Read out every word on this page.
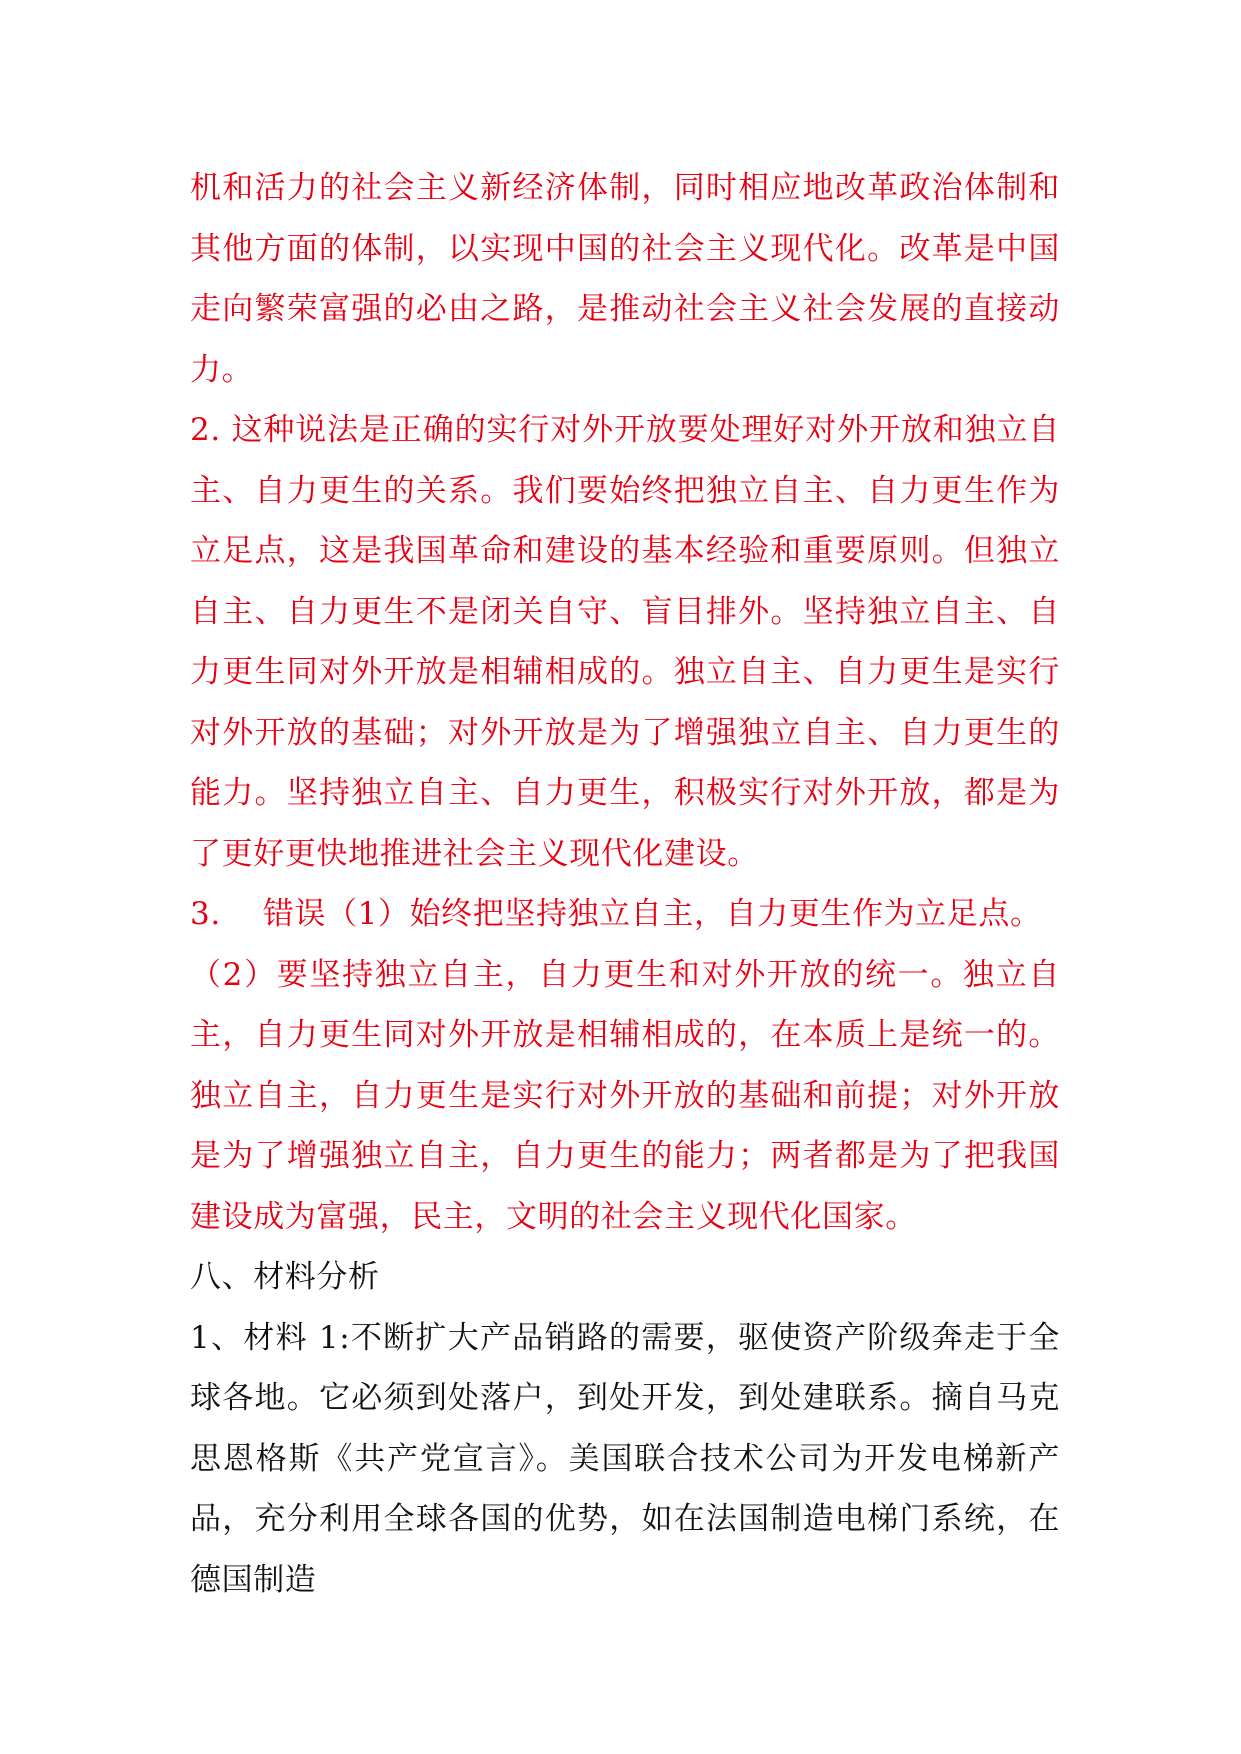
机和活力的社会主义新经济体制，同时相应地改革政治体制和其他方面的体制，以实现中国的社会主义现代化。改革是中国走向繁荣富强的必由之路，是推动社会主义社会发展的直接动力。

2. 这种说法是正确的实行对外开放要处理好对外开放和独立自主、自力更生的关系。我们要始终把独立自主、自力更生作为立足点，这是我国革命和建设的基本经验和重要原则。但独立自主、自力更生不是闭关自守、盲目排外。坚持独立自主、自力更生同对外开放是相辅相成的。独立自主、自力更生是实行对外开放的基础；对外开放是为了增强独立自主、自力更生的能力。坚持独立自主、自力更生，积极实行对外开放，都是为了更好更快地推进社会主义现代化建设。

3.　 错误（1）始终把坚持独立自主，自力更生作为立足点。

（2）要坚持独立自主，自力更生和对外开放的统一。独立自主，自力更生同对外开放是相辅相成的，在本质上是统一的。独立自主，自力更生是实行对外开放的基础和前提；对外开放是为了增强独立自主，自力更生的能力；两者都是为了把我国建设成为富强，民主，文明的社会主义现代化国家。

八、材料分析

1、材料 1:不断扩大产品销路的需要，驱使资产阶级奔走于全球各地。它必须到处落户，到处开发，到处建联系。摘自马克思恩格斯《共产党宣言》。美国联合技术公司为开发电梯新产品，充分利用全球各国的优势，如在法国制造电梯门系统，在德国制造
